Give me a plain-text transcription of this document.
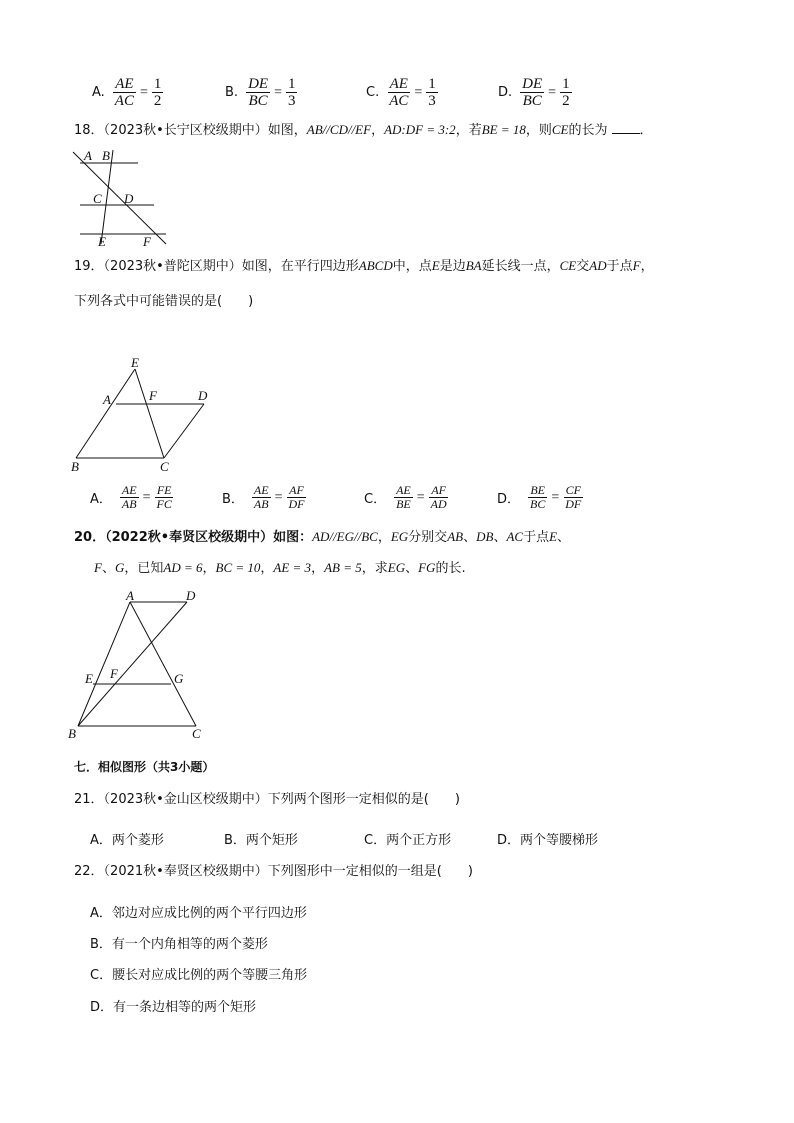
A. $\frac{AE}{AC} = \frac{1}{2}$	B. $\frac{DE}{BC} = \frac{1}{3}$	C. $\frac{AE}{AC} = \frac{1}{3}$	D. $\frac{DE}{BC} = \frac{1}{2}$
18．（2023秋•长宁区校级期中）如图，AB//CD//EF，AD:DF = 3:2，若BE = 18，则CE的长为 ．
A B
C D
E	F
19．（2023秋•普陀区期中）如图，在平行四边形ABCD中，点E是边BA延长线一点，CE交AD于点F，
下列各式中可能错误的是(　　)
E
A	F	D
B	C
A． $\frac{AE}{AB} = \frac{FE}{FC}$	B． $\frac{AE}{AB} = \frac{AF}{DF}$	C． $\frac{AE}{BE} = \frac{AF}{AD}$	D． $\frac{BE}{BC} = \frac{CF}{DF}$
20．（2022秋•奉贤区校级期中）如图：AD//EG//BC，EG分别交AB、DB、AC于点E、
F、G，已知AD = 6，BC = 10，AE = 3，AB = 5，求EG、FG的长.
A	D
E F	G
B	C
七．相似图形（共3小题）
21．（2023秋•金山区校级期中）下列两个图形一定相似的是(　　)
A．两个菱形	B．两个矩形	C．两个正方形	D．两个等腰梯形
22．（2021秋•奉贤区校级期中）下列图形中一定相似的一组是(　　)
A．邻边对应成比例的两个平行四边形
B．有一个内角相等的两个菱形
C．腰长对应成比例的两个等腰三角形
D．有一条边相等的两个矩形
